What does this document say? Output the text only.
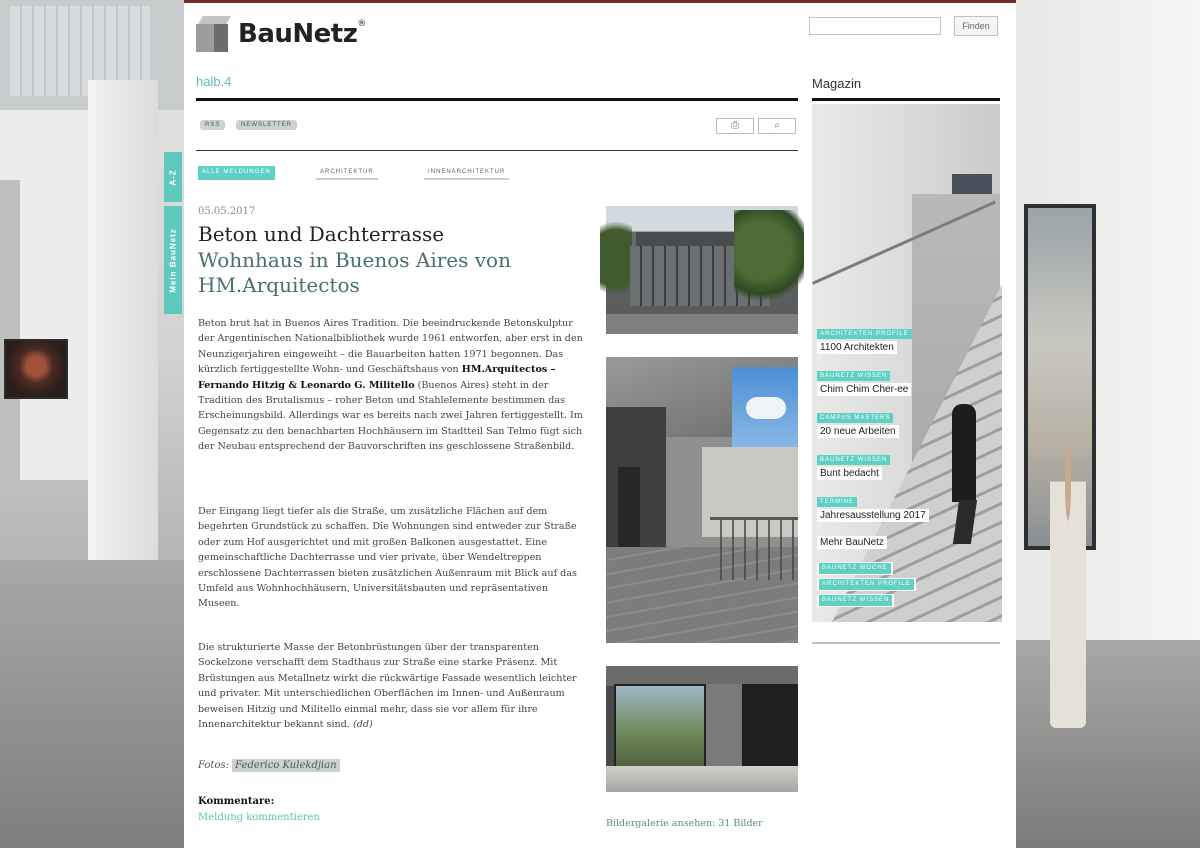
BauNetz®	Finden
halb.4	Magazin
RSS	NEWSLETTER	⎙	⌕
ALLE MELDUNGEN	ARCHITEKTUR	INNENARCHITEKTUR
A-Z
Mein BauNetz
05.05.2017
Beton und Dachterrasse
Wohnhaus in Buenos Aires von HM.Arquitectos

Beton brut hat in Buenos Aires Tradition. Die beeindruckende Betonskulptur der Argentinischen Nationalbibliothek wurde 1961 entworfen, aber erst in den Neunzigerjahren eingeweiht – die Bauarbeiten hatten 1971 begonnen. Das kürzlich fertiggestellte Wohn- und Geschäftshaus von HM.Arquitectos – Fernando Hitzig & Leonardo G. Militello (Buenos Aires) steht in der Tradition des Brutalismus – roher Beton und Stahlelemente bestimmen das Erscheinungsbild. Allerdings war es bereits nach zwei Jahren fertiggestellt. Im Gegensatz zu den benachbarten Hochhäusern im Stadtteil San Telmo fügt sich der Neubau entsprechend der Bauvorschriften ins geschlossene Straßenbild.

Der Eingang liegt tiefer als die Straße, um zusätzliche Flächen auf dem begehrten Grundstück zu schaffen. Die Wohnungen sind entweder zur Straße oder zum Hof ausgerichtet und mit großen Balkonen ausgestattet. Eine gemeinschaftliche Dachterrasse und vier private, über Wendeltreppen erschlossene Dachterrassen bieten zusätzlichen Außenraum mit Blick auf das Umfeld aus Wohnhochhäusern, Universitätsbauten und repräsentativen Museen.

Die strukturierte Masse der Betonbrüstungen über der transparenten Sockelzone verschafft dem Stadthaus zur Straße eine starke Präsenz. Mit Brüstungen aus Metallnetz wirkt die rückwärtige Fassade wesentlich leichter und privater. Mit unterschiedlichen Oberflächen im Innen- und Außenraum beweisen Hitzig und Militello einmal mehr, dass sie vor allem für ihre Innenarchitektur bekannt sind. (dd)

Fotos: Federico Kulekdjian
Kommentare:
Meldung kommentieren
Bildergalerie ansehen: 31 Bilder
ARCHITEKTEN PROFILE
1100 Architekten
BAUNETZ WISSEN
Chim Chim Cher-ee
CAMPUS MASTERS
20 neue Arbeiten
BAUNETZ WISSEN
Bunt bedacht
TERMINE
Jahresausstellung 2017
Mehr BauNetz
BAUNETZ WOCHE
ARCHITEKTEN PROFILE
BAUNETZ WISSEN
